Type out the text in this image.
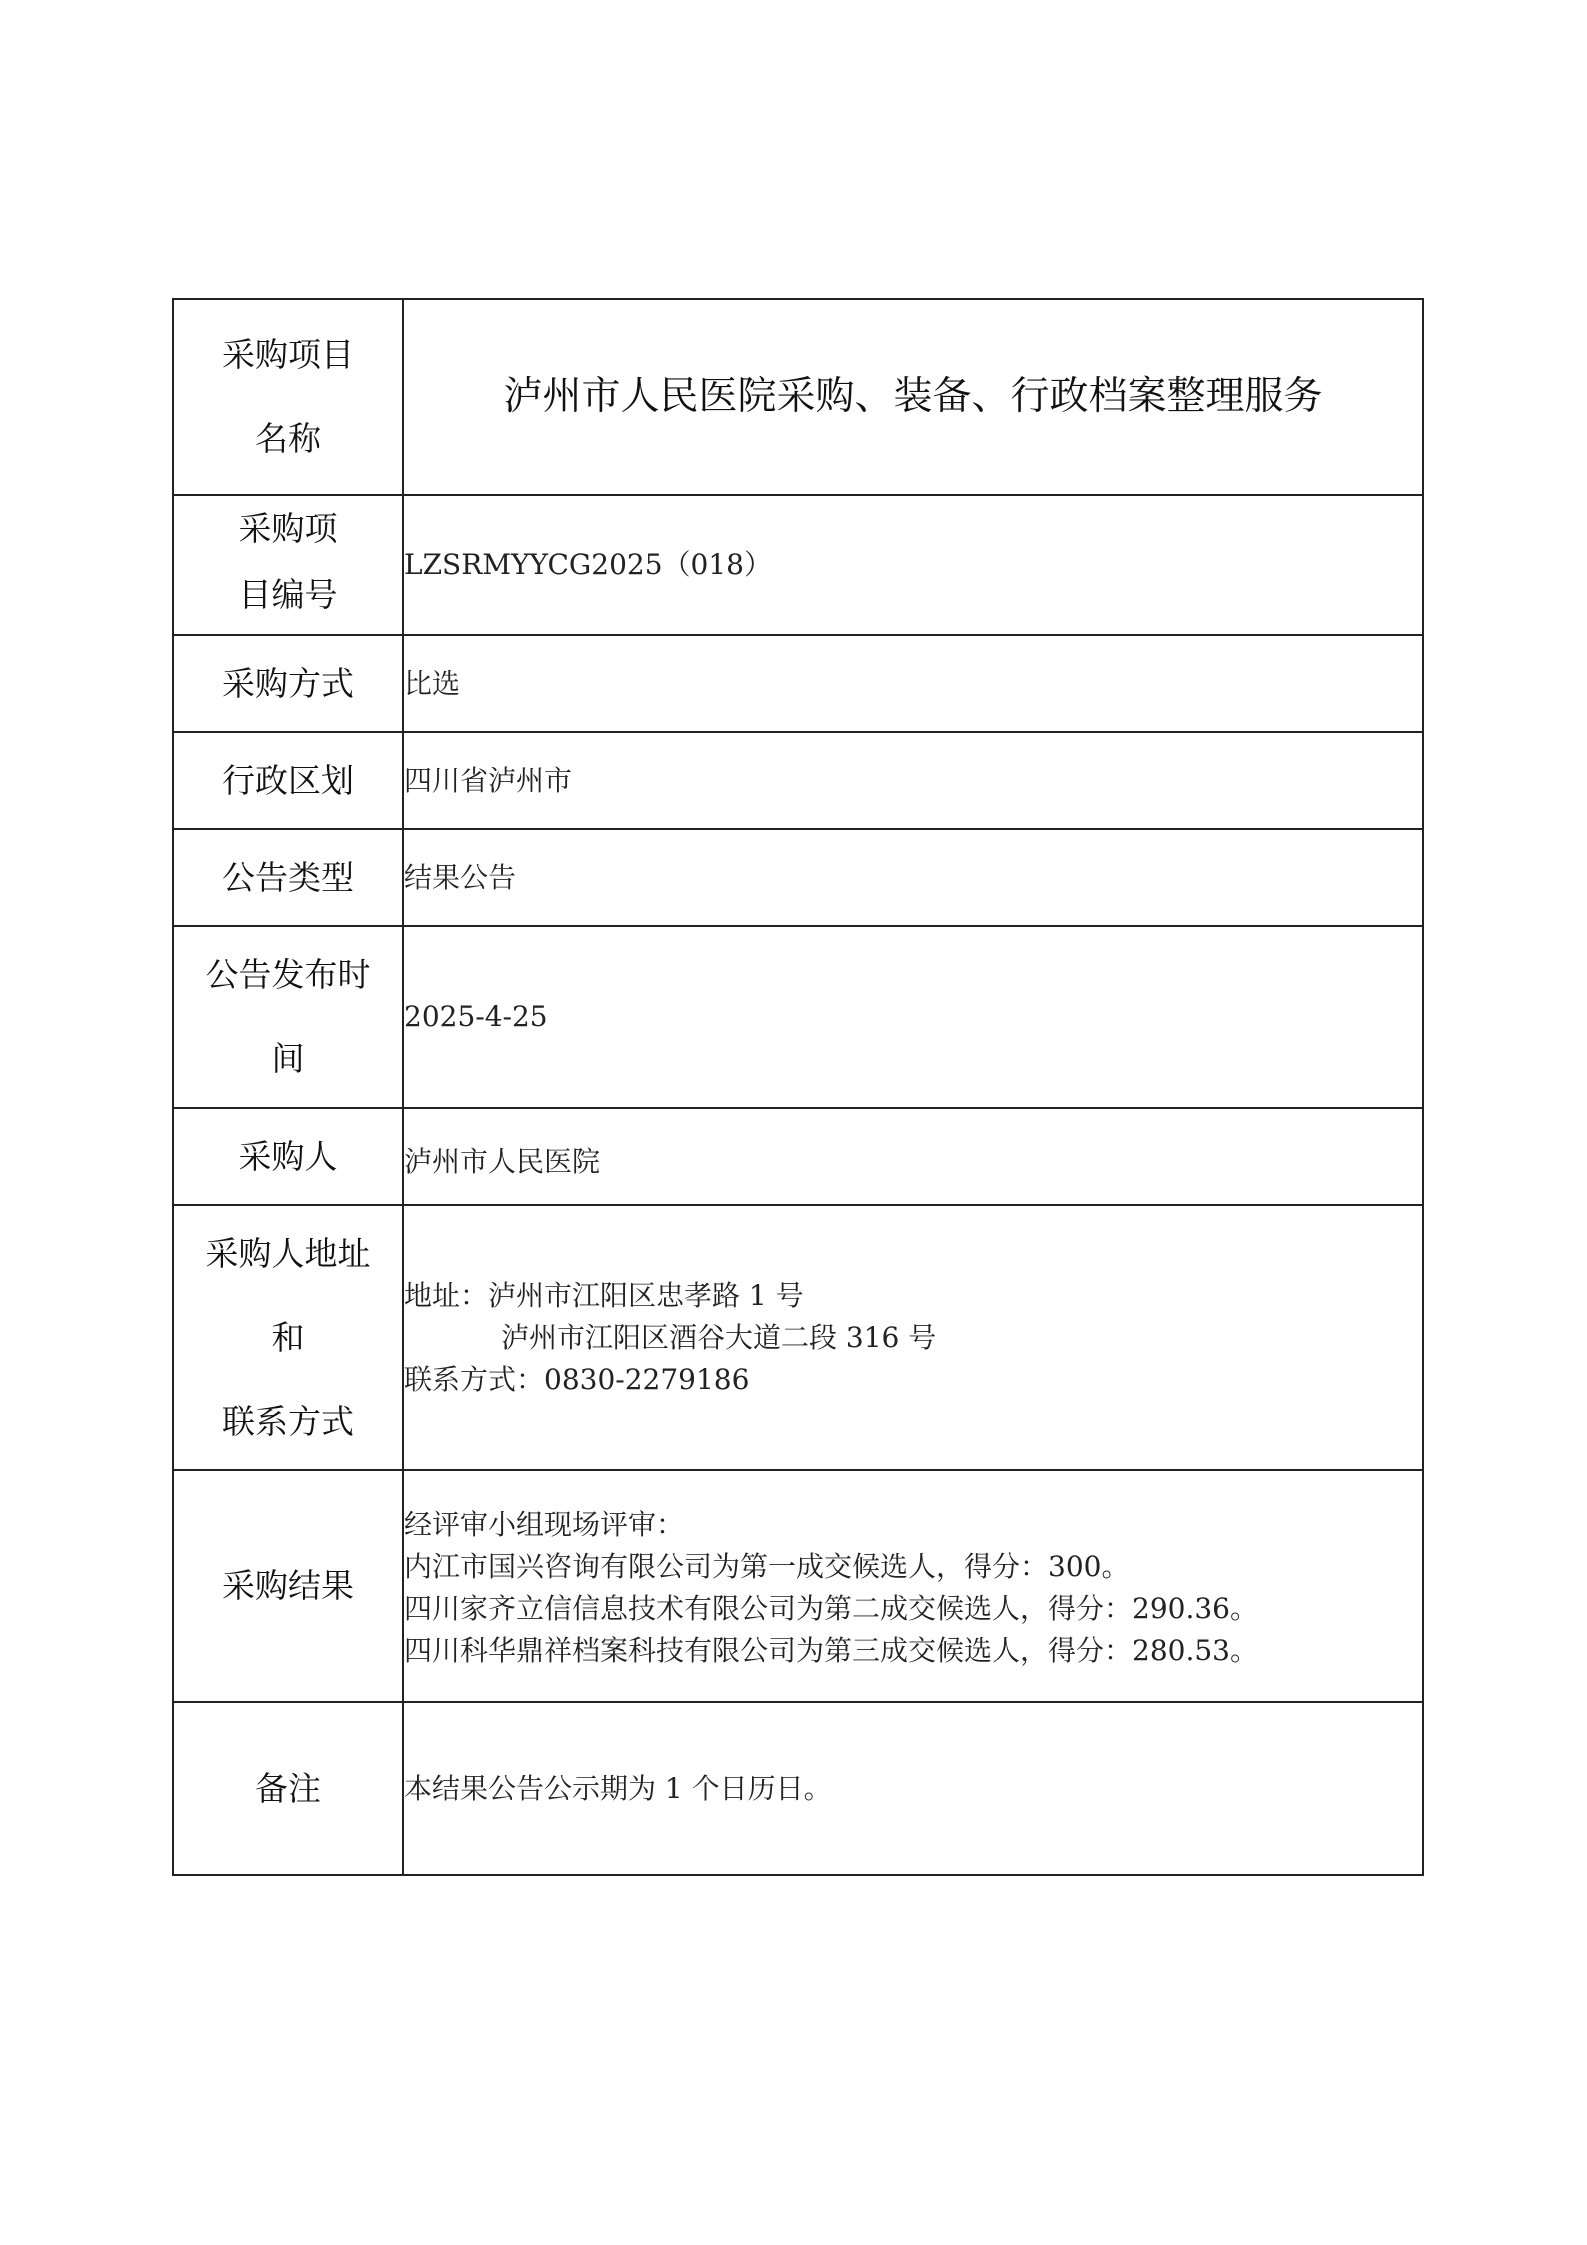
采购项目
名称	泸州市人民医院采购、装备、行政档案整理服务

采购项目编号	LZSRMYYCG2025（018）
采购方式	比选
行政区划	四川省泸州市
公告类型	结果公告

公告发布时
间	2025-4-25
采购人	泸州市人民医院

采购人地址
和
联系方式	地址：泸州市江阳区忠孝路 1 号
泸州市江阳区酒谷大道二段 316 号
联系方式：0830-2279186

采购结果	经评审小组现场评审：
内江市国兴咨询有限公司为第一成交候选人，得分：300。
四川家齐立信信息技术有限公司为第二成交候选人，得分：290.36。
四川科华鼎祥档案科技有限公司为第三成交候选人，得分：280.53。

备注	本结果公告公示期为 1 个日历日。
